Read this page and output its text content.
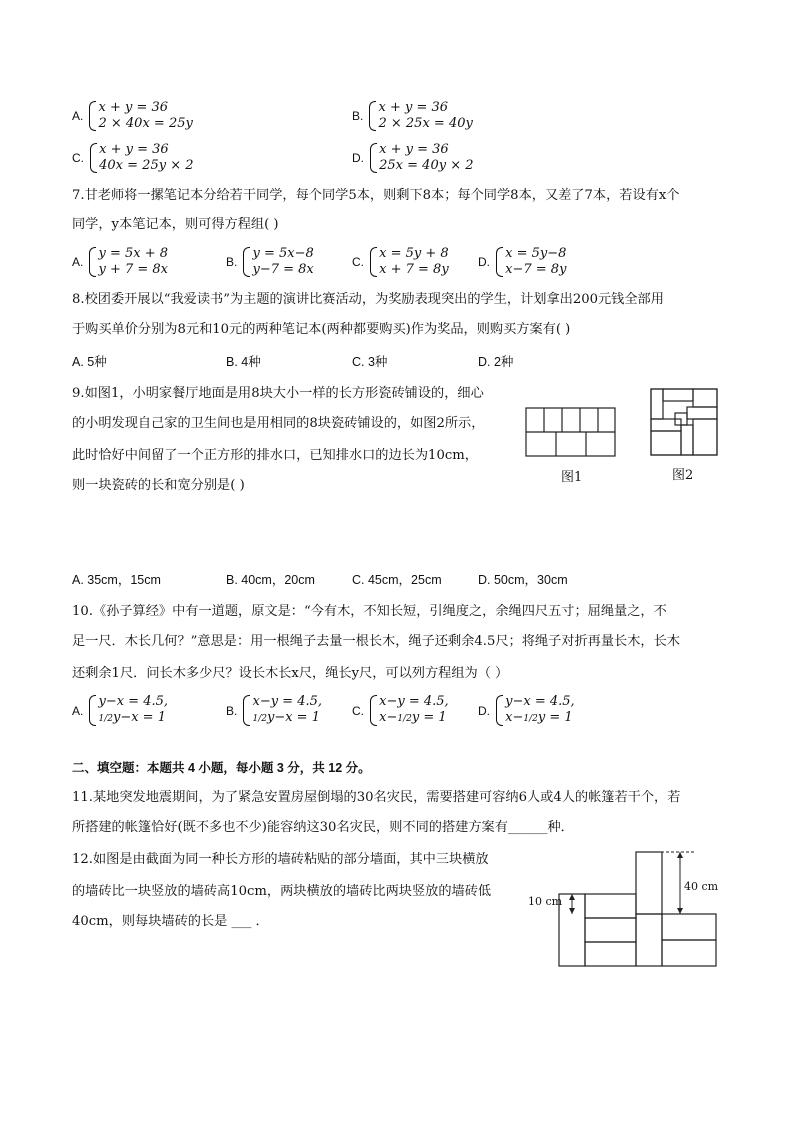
A.
x + y = 36
2 × 40x = 25y	B.
x + y = 36
2 × 25x = 40y
C.
x + y = 36
40x = 25y × 2	D.
x + y = 36
25x = 40y × 2
7.甘老师将一摞笔记本分给若干同学，每个同学5本，则剩下8本；每个同学8本，又差了7本，若设有x个
同学，y本笔记本，则可得方程组( )
A.
y = 5x + 8
y + 7 = 8x	B.
y = 5x−8
y−7 = 8x	C.
x = 5y + 8
x + 7 = 8y D.
x = 5y−8
x−7 = 8y
8.校团委开展以“我爱读书”为主题的演讲比赛活动，为奖励表现突出的学生，计划拿出200元钱全部用
于购买单价分别为8元和10元的两种笔记本(两种都要购买)作为奖品，则购买方案有( )
A. 5种	B. 4种	C. 3种	D. 2种
9.如图1，小明家餐厅地面是用8块大小一样的长方形瓷砖铺设的，细心
的小明发现自己家的卫生间也是用相同的8块瓷砖铺设的，如图2所示，
此时恰好中间留了一个正方形的排水口，已知排水口的边长为10cm，
则一块瓷砖的长和宽分别是( )
图1	图2
A. 35cm，15cm	B. 40cm，20cm	C. 45cm，25cm	D. 50cm，30cm
10.《孙子算经》中有一道题，原文是：“今有木，不知长短，引绳度之，余绳四尺五寸；屈绳量之，不
足一尺．木长几何？”意思是：用一根绳子去量一根长木，绳子还剩余4.5尺；将绳子对折再量长木，长木
还剩余1尺．问长木多少尺？设长木长x尺，绳长y尺，可以列方程组为（ ）
A.
y−x = 4.5,
1/2y−x = 1	B.
x−y = 4.5,
1/2y−x = 1	C.
x−y = 4.5,
x−1/2y = 1	D.
y−x = 4.5,
x−1/2y = 1
二、填空题：本题共 4 小题，每小题 3 分，共 12 分。
11.某地突发地震期间，为了紧急安置房屋倒塌的30名灾民，需要搭建可容纳6人或4人的帐篷若干个，若
所搭建的帐篷恰好(既不多也不少)能容纳这30名灾民，则不同的搭建方案有______种．
12.如图是由截面为同一种长方形的墙砖粘贴的部分墙面，其中三块横放
的墙砖比一块竖放的墙砖高10cm，两块横放的墙砖比两块竖放的墙砖低
40cm，则每块墙砖的长是 ___ ．
10 cm
40 cm
